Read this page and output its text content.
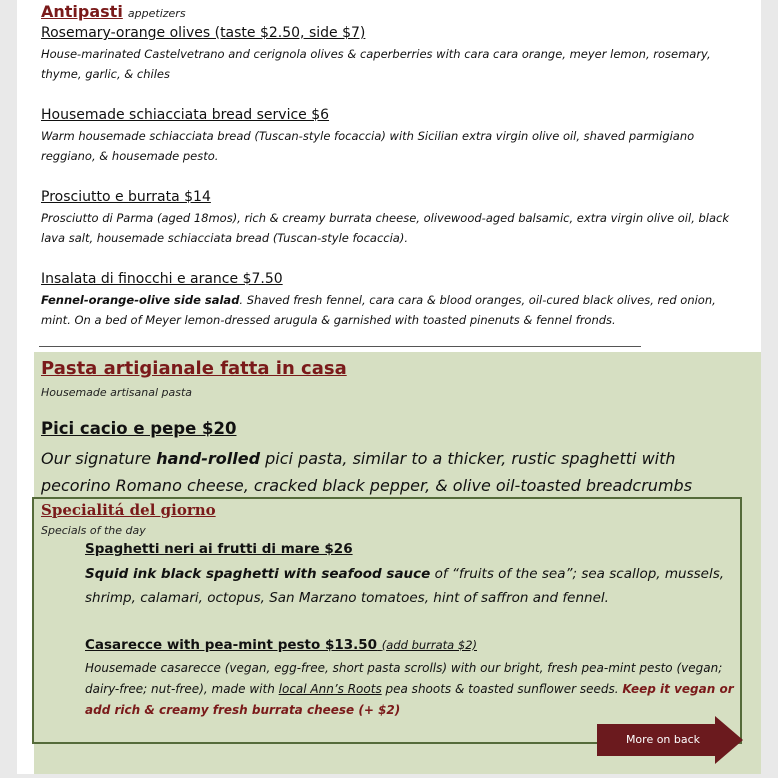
Antipasti appetizers
Rosemary-orange olives (taste $2.50, side $7)
House-marinated Castelvetrano and cerignola olives & caperberries with cara cara orange, meyer lemon, rosemary, thyme, garlic, & chiles
Housemade schiacciata bread service $6
Warm housemade schiacciata bread (Tuscan-style focaccia) with Sicilian extra virgin olive oil, shaved parmigiano reggiano, & housemade pesto.
Prosciutto e burrata $14
Prosciutto di Parma (aged 18mos), rich & creamy burrata cheese, olivewood-aged balsamic, extra virgin olive oil, black lava salt, housemade schiacciata bread (Tuscan-style focaccia).
Insalata di finocchi e arance $7.50
Fennel-orange-olive side salad. Shaved fresh fennel, cara cara & blood oranges, oil-cured black olives, red onion, mint. On a bed of Meyer lemon-dressed arugula & garnished with toasted pinenuts & fennel fronds.
Pasta artigianale fatta in casa
Housemade artisanal pasta
Pici cacio e pepe $20
Our signature hand-rolled pici pasta, similar to a thicker, rustic spaghetti with pecorino Romano cheese, cracked black pepper, & olive oil-toasted breadcrumbs
Specialitá del giorno
Specials of the day
Spaghetti neri ai frutti di mare $26
Squid ink black spaghetti with seafood sauce of “fruits of the sea”; sea scallop, mussels, shrimp, calamari, octopus, San Marzano tomatoes, hint of saffron and fennel.
Casarecce with pea-mint pesto $13.50 (add burrata $2)
Housemade casarecce (vegan, egg-free, short pasta scrolls) with our bright, fresh pea-mint pesto (vegan; dairy-free; nut-free), made with local Ann’s Roots pea shoots & toasted sunflower seeds. Keep it vegan or add rich & creamy fresh burrata cheese (+ $2)
More on back
